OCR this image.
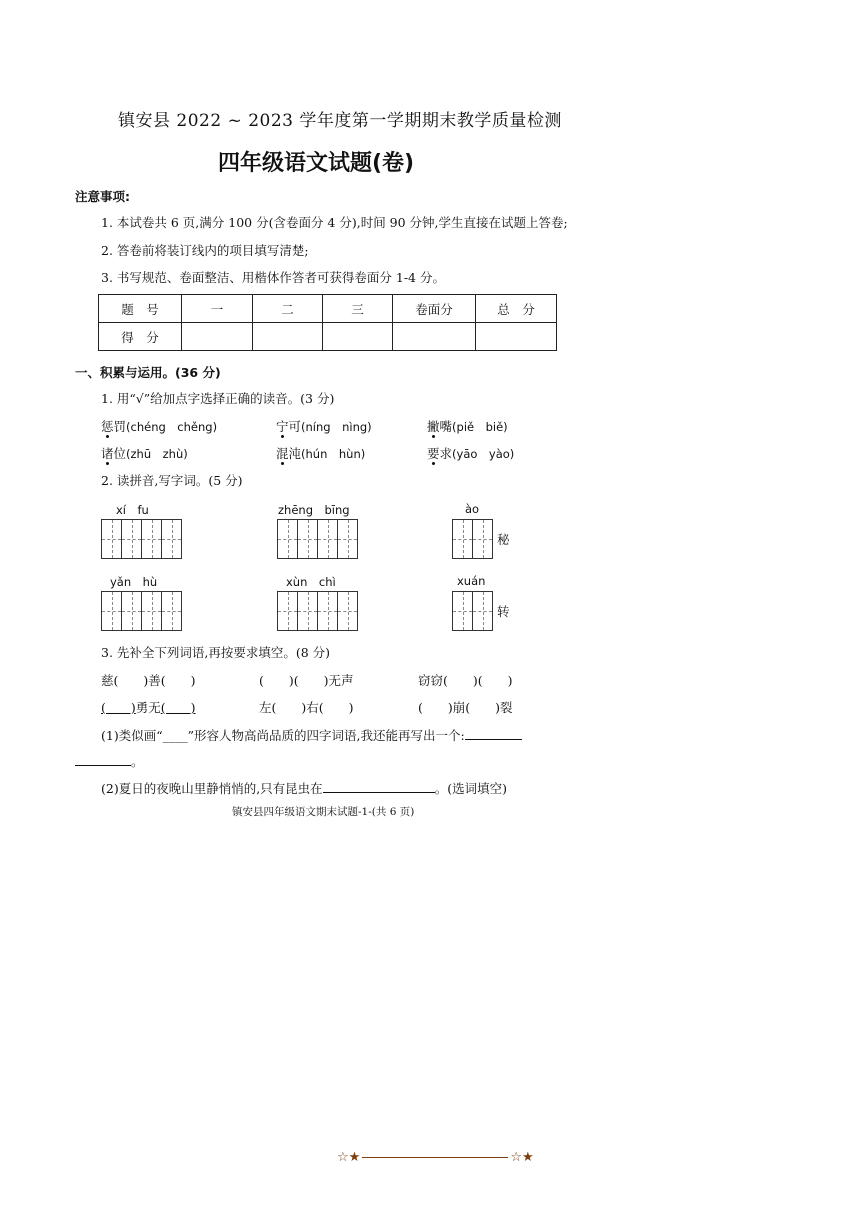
镇安县 2022 ~ 2023 学年度第一学期期末教学质量检测
四年级语文试题(卷)
注意事项:
1. 本试卷共 6 页,满分 100 分(含卷面分 4 分),时间 90 分钟,学生直接在试题上答卷;
2. 答卷前将装订线内的项目填写清楚;
3. 书写规范、卷面整洁、用楷体作答者可获得卷面分 1-4 分。
题　号	一	二	三	卷面分	总　分
得　分					
一、积累与运用。(36 分)
1. 用“√”给加点字选择正确的读音。(3 分)
惩罚(chéng　chěng)	宁可(níng　nìng)	撇嘴(piě　biě)
诸位(zhū　zhù)	混沌(hún　hùn)	要求(yāo　yào)
2. 读拼音,写字词。(5 分)
xí　fu	zhēng　bīng	ào
秘
yǎn　hù	xùn　chì	xuán
转
3. 先补全下列词语,再按要求填空。(8 分)
慈(　　)善(　　)	(　　)(　　)无声	窃窃(　　)(　　)
(　　)勇无(　　)	左(　　)右(　　)	(　　)崩(　　)裂
(1)类似画“____”形容人物高尚品质的四字词语,我还能再写出一个:
。
(2)夏日的夜晚山里静悄悄的,只有昆虫在	。(选词填空)
镇安县四年级语文期末试题-1-(共 6 页)
☆★	☆★
